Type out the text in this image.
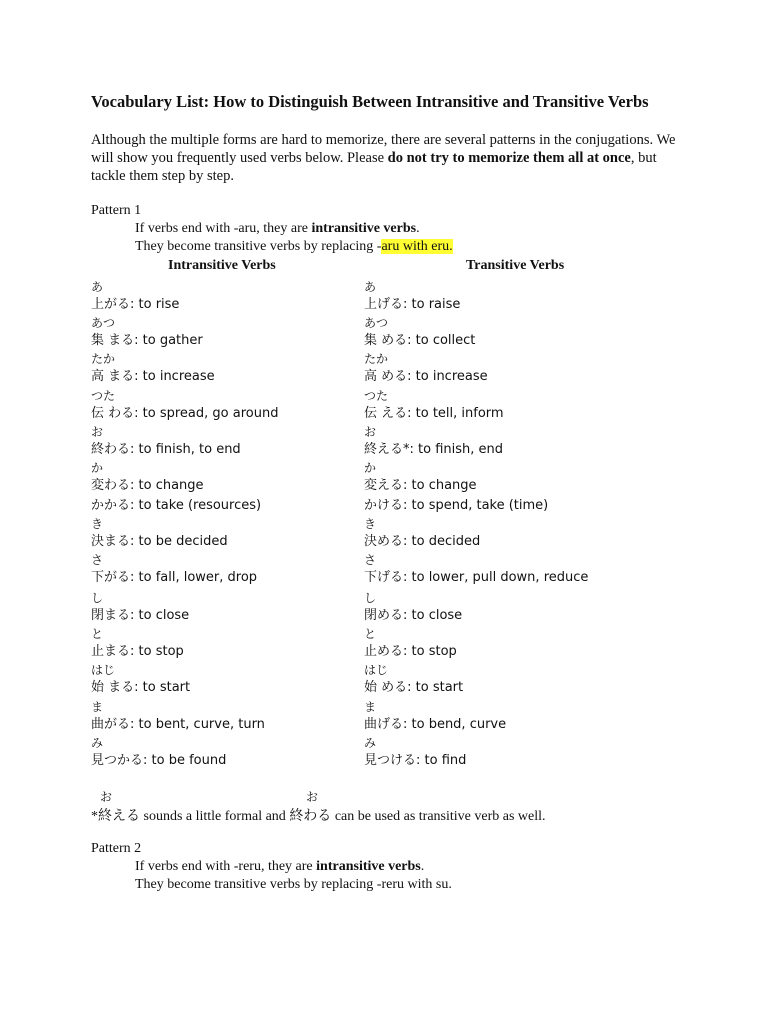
Vocabulary List: How to Distinguish Between Intransitive and Transitive Verbs
Although the multiple forms are hard to memorize, there are several patterns in the conjugations. We will show you frequently used verbs below. Please do not try to memorize them all at once, but tackle them step by step.
Pattern 1
If verbs end with -aru, they are intransitive verbs.
They become transitive verbs by replacing -aru with eru.
Intransitive Verbs	Transitive Verbs
あ
上がる: to rise
あつ
集 まる: to gather
たか
高 まる: to increase
つた
伝 わる: to spread, go around
お
終わる: to finish, to end
か
変わる: to change
かかる: to take (resources)
き
決まる: to be decided
さ
下がる: to fall, lower, drop
し
閉まる: to close
と
止まる: to stop
はじ
始 まる: to start
ま
曲がる: to bent, curve, turn
み
見つかる: to be found
あ
上げる: to raise
あつ
集 める: to collect
たか
高 める: to increase
つた
伝 える: to tell, inform
お
終える*: to finish, end
か
変える: to change
かける: to spend, take (time)
き
決める: to decided
さ
下げる: to lower, pull down, reduce
し
閉める: to close
と
止める: to stop
はじ
始 める: to start
ま
曲げる: to bend, curve
み
見つける: to find
お	お
*終える sounds a little formal and 終わる can be used as transitive verb as well.
Pattern 2
If verbs end with -reru, they are intransitive verbs.
They become transitive verbs by replacing -reru with su.
